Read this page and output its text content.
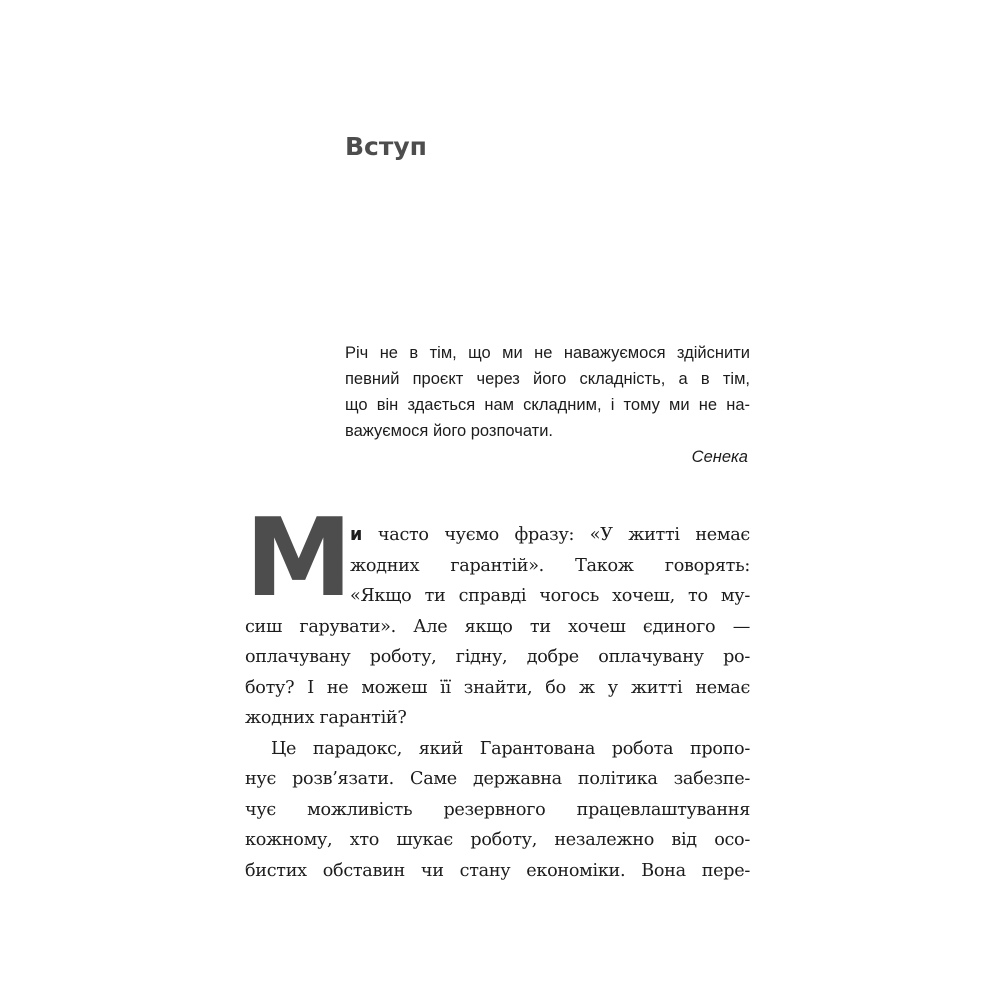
Вступ
Річ не в тім, що ми не наважуємося здійснити
певний проєкт через його складність, а в тім,
що він здається нам складним, і тому ми не на-
важуємося його розпочати.
Сенека
М и часто чуємо фразу: «У житті немає
жодних гарантій». Також говорять:
«Якщо ти справді чогось хочеш, то му-
сиш гарувати». Але якщо ти хочеш єдиного —
оплачувану роботу, гідну, добре оплачувану ро-
боту? І не можеш її знайти, бо ж у житті немає
жодних гарантій?
Це парадокс, який Гарантована робота пропо-
нує розв’язати. Саме державна політика забезпе-
чує можливість резервного працевлаштування
кожному, хто шукає роботу, незалежно від осо-
бистих обставин чи стану економіки. Вона пере-
